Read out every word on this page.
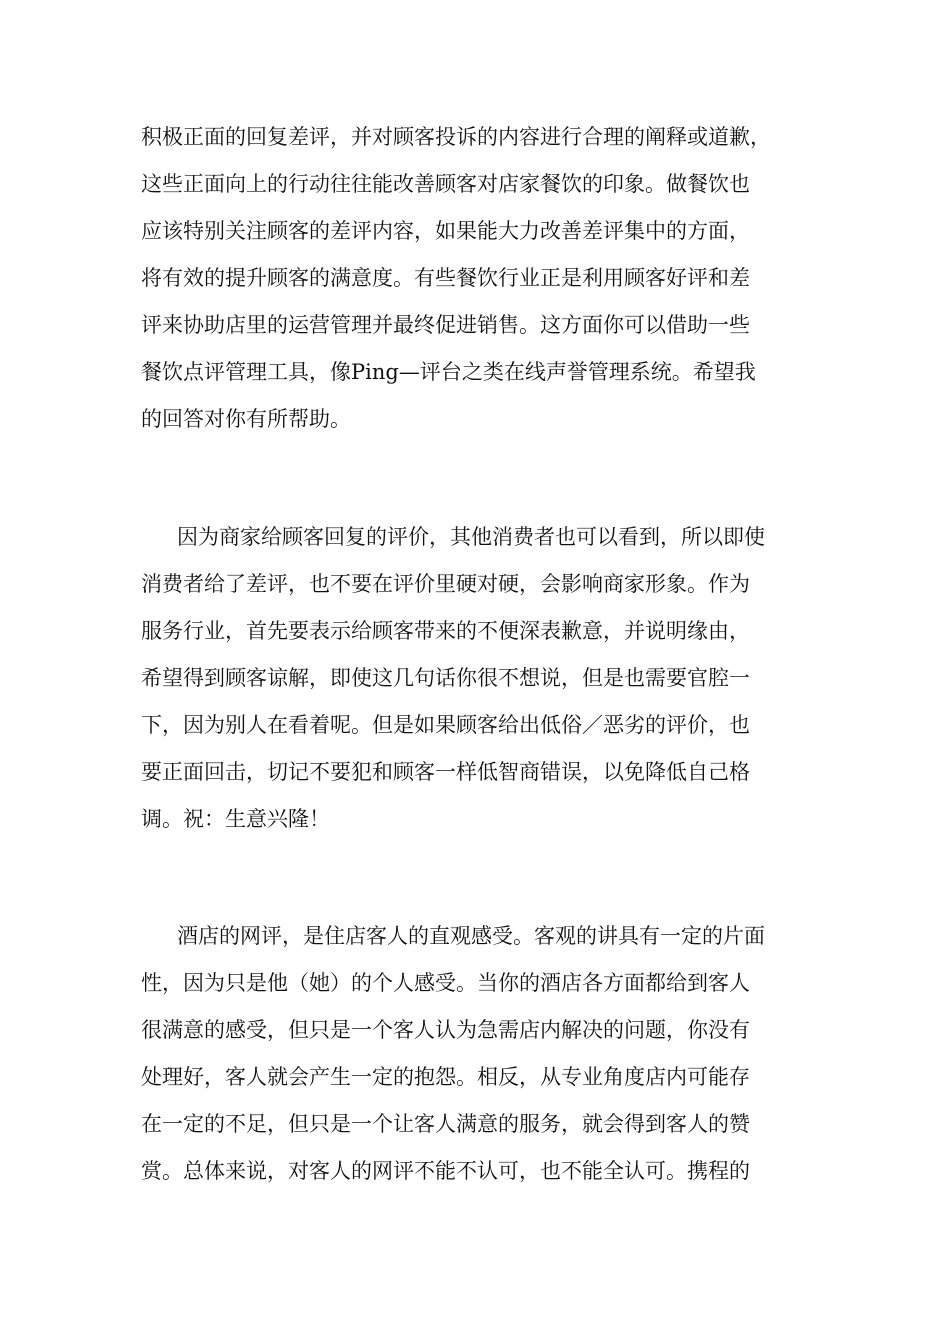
积极正面的回复差评，并对顾客投诉的内容进行合理的阐释或道歉，
这些正面向上的行动往往能改善顾客对店家餐饮的印象。做餐饮也
应该特别关注顾客的差评内容，如果能大力改善差评集中的方面，
将有效的提升顾客的满意度。有些餐饮行业正是利用顾客好评和差
评来协助店里的运营管理并最终促进销售。这方面你可以借助一些
餐饮点评管理工具，像Ping—评台之类在线声誉管理系统。希望我
的回答对你有所帮助。
因为商家给顾客回复的评价，其他消费者也可以看到，所以即使
消费者给了差评，也不要在评价里硬对硬，会影响商家形象。作为
服务行业，首先要表示给顾客带来的不便深表歉意，并说明缘由，
希望得到顾客谅解，即使这几句话你很不想说，但是也需要官腔一
下，因为别人在看着呢。但是如果顾客给出低俗／恶劣的评价，也
要正面回击，切记不要犯和顾客一样低智商错误，以免降低自己格
调。祝：生意兴隆！
酒店的网评，是住店客人的直观感受。客观的讲具有一定的片面
性，因为只是他（她）的个人感受。当你的酒店各方面都给到客人
很满意的感受，但只是一个客人认为急需店内解决的问题，你没有
处理好，客人就会产生一定的抱怨。相反，从专业角度店内可能存
在一定的不足，但只是一个让客人满意的服务，就会得到客人的赞
赏。总体来说，对客人的网评不能不认可，也不能全认可。携程的
